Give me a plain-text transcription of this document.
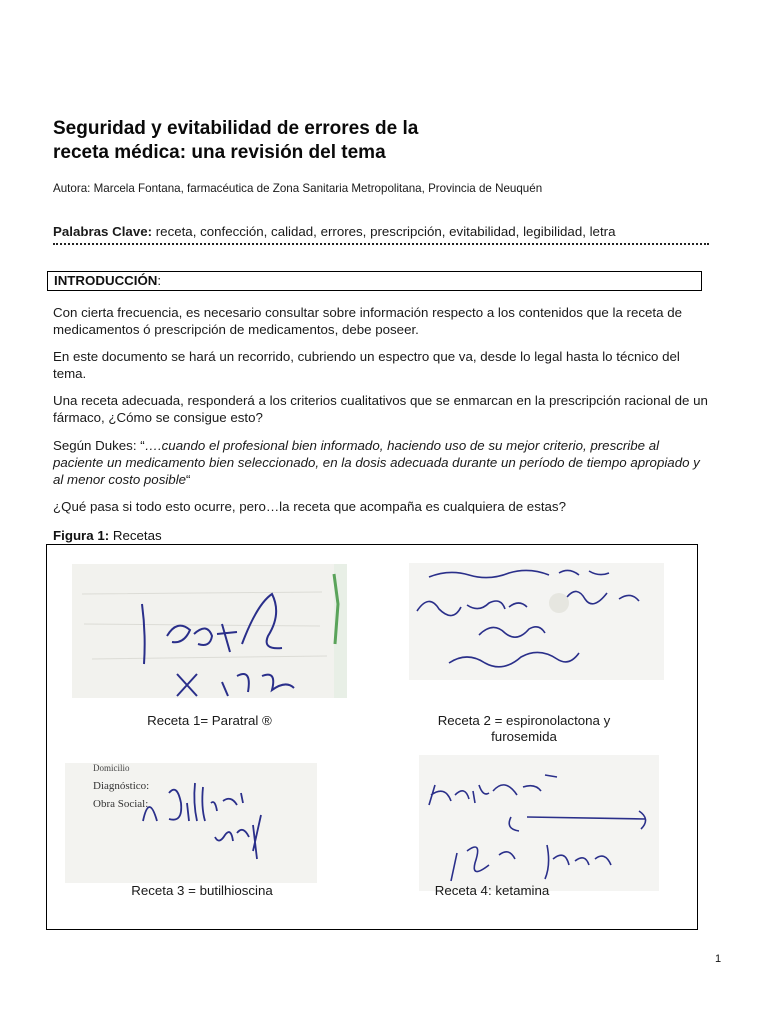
Seguridad y evitabilidad de errores de la
receta médica: una revisión del tema
Autora: Marcela Fontana, farmacéutica de Zona Sanitaria Metropolitana, Provincia de Neuquén
Palabras Clave: receta, confección, calidad, errores, prescripción, evitabilidad, legibilidad, letra
INTRODUCCIÓN:

Con cierta frecuencia, es necesario consultar sobre información respecto a los contenidos que la receta de medicamentos ó prescripción de medicamentos, debe poseer.

En este documento se hará un recorrido, cubriendo un espectro que va, desde lo legal hasta lo técnico del tema.

Una receta adecuada, responderá a los criterios cualitativos que se enmarcan en la prescripción racional de un fármaco, ¿Cómo se consigue esto?

Según Dukes: “….cuando el profesional bien informado, haciendo uso de su mejor criterio, prescribe al paciente un medicamento bien seleccionado, en la dosis adecuada durante un período de tiempo apropiado y al menor costo posible“

¿Qué pasa si todo esto ocurre, pero…la receta que acompaña es cualquiera de estas?

Figura 1: Recetas
Receta 1= Paratral ®	Receta 2 = espironolactona y
furosemida
Domicilio
Diagnóstico:
Obra Social:
Receta 3 = butilhioscina	Receta 4: ketamina
1
